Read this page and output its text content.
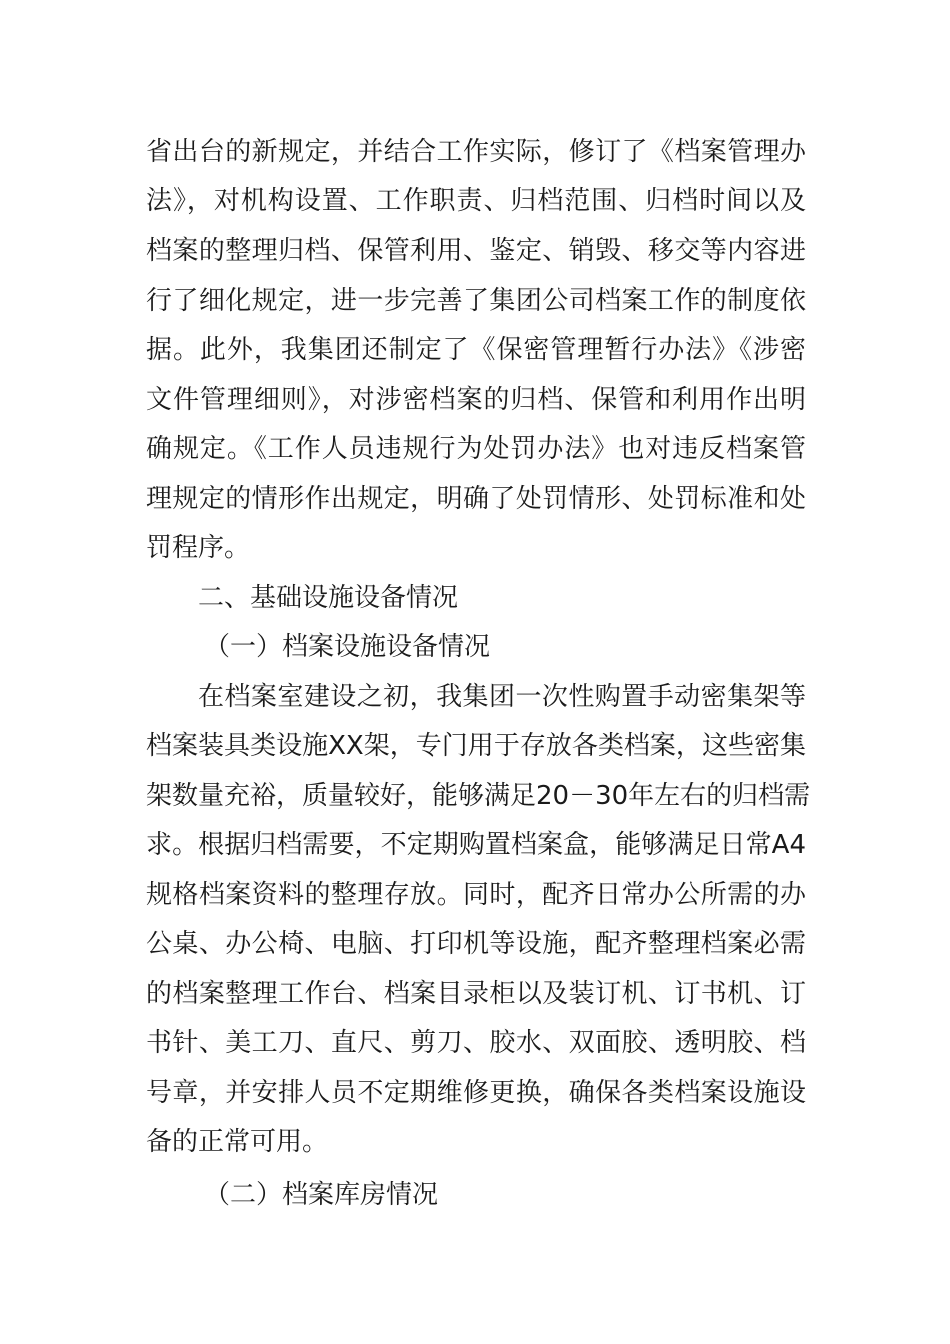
省出台的新规定，并结合工作实际，修订了《档案管理办

法》，对机构设置、工作职责、归档范围、归档时间以及

档案的整理归档、保管利用、鉴定、销毁、移交等内容进

行了细化规定，进一步完善了集团公司档案工作的制度依

据。此外，我集团还制定了《保密管理暂行办法》《涉密

文件管理细则》，对涉密档案的归档、保管和利用作出明

确规定。《工作人员违规行为处罚办法》也对违反档案管

理规定的情形作出规定，明确了处罚情形、处罚标准和处

罚程序。

二、基础设施设备情况

（一）档案设施设备情况

在档案室建设之初，我集团一次性购置手动密集架等

档案装具类设施XX架，专门用于存放各类档案，这些密集

架数量充裕，质量较好，能够满足20－30年左右的归档需

求。根据归档需要，不定期购置档案盒，能够满足日常A4

规格档案资料的整理存放。同时，配齐日常办公所需的办

公桌、办公椅、电脑、打印机等设施，配齐整理档案必需

的档案整理工作台、档案目录柜以及装订机、订书机、订

书针、美工刀、直尺、剪刀、胶水、双面胶、透明胶、档

号章，并安排人员不定期维修更换，确保各类档案设施设

备的正常可用。

（二）档案库房情况
